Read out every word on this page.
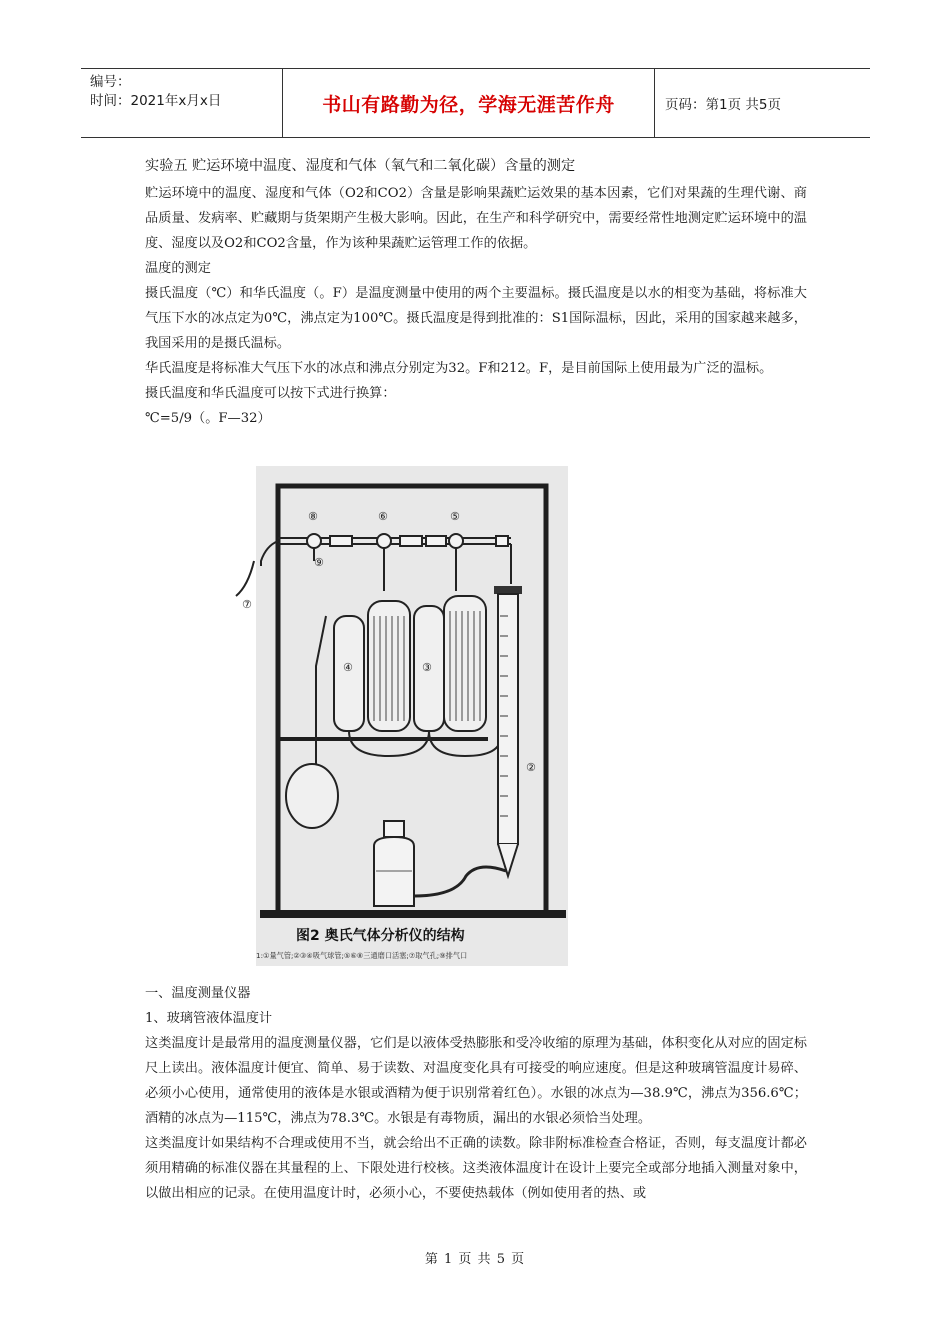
编号：
时间：2021年x月x日	书山有路勤为径，学海无涯苦作舟	页码：第1页 共5页

实验五 贮运环境中温度、湿度和气体（氧气和二氧化碳）含量的测定

贮运环境中的温度、湿度和气体（O2和CO2）含量是影响果蔬贮运效果的基本因素，它们对果蔬的生理代谢、商品质量、发病率、贮藏期与货架期产生极大影响。因此，在生产和科学研究中，需要经常性地测定贮运环境中的温度、湿度以及O2和CO2含量，作为该种果蔬贮运管理工作的依据。

温度的测定

摄氏温度（℃）和华氏温度（。F）是温度测量中使用的两个主要温标。摄氏温度是以水的相变为基础，将标准大气压下水的冰点定为0℃，沸点定为100℃。摄氏温度是得到批准的：S1国际温标，因此，采用的国家越来越多，我国采用的是摄氏温标。

华氏温度是将标准大气压下水的冰点和沸点分别定为32。F和212。F，是目前国际上使用最为广泛的温标。

摄氏温度和华氏温度可以按下式进行换算：

℃=5/9（。F—32）

⑧	⑥	⑤
⑨
⑦
④	③
②
图2 奥氏气体分析仪的结构
1:①量气管;②③④吸气球管;⑤⑥⑧三通磨口活塞;⑦取气孔;⑨排气口

一、温度测量仪器

1、玻璃管液体温度计

这类温度计是最常用的温度测量仪器，它们是以液体受热膨胀和受冷收缩的原理为基础，体积变化从对应的固定标尺上读出。液体温度计便宜、简单、易于读数、对温度变化具有可接受的响应速度。但是这种玻璃管温度计易碎、必须小心使用，通常使用的液体是水银或酒精为便于识别常着红色）。水银的冰点为—38.9℃，沸点为356.6℃；酒精的冰点为—115℃，沸点为78.3℃。水银是有毒物质，漏出的水银必须恰当处理。

这类温度计如果结构不合理或使用不当，就会给出不正确的读数。除非附标准检查合格证，否则，每支温度计都必须用精确的标准仪器在其量程的上、下限处进行校核。这类液体温度计在设计上要完全或部分地插入测量对象中，以做出相应的记录。在使用温度计时，必须小心，不要使热载体（例如使用者的热、或

第 1 页 共 5 页
